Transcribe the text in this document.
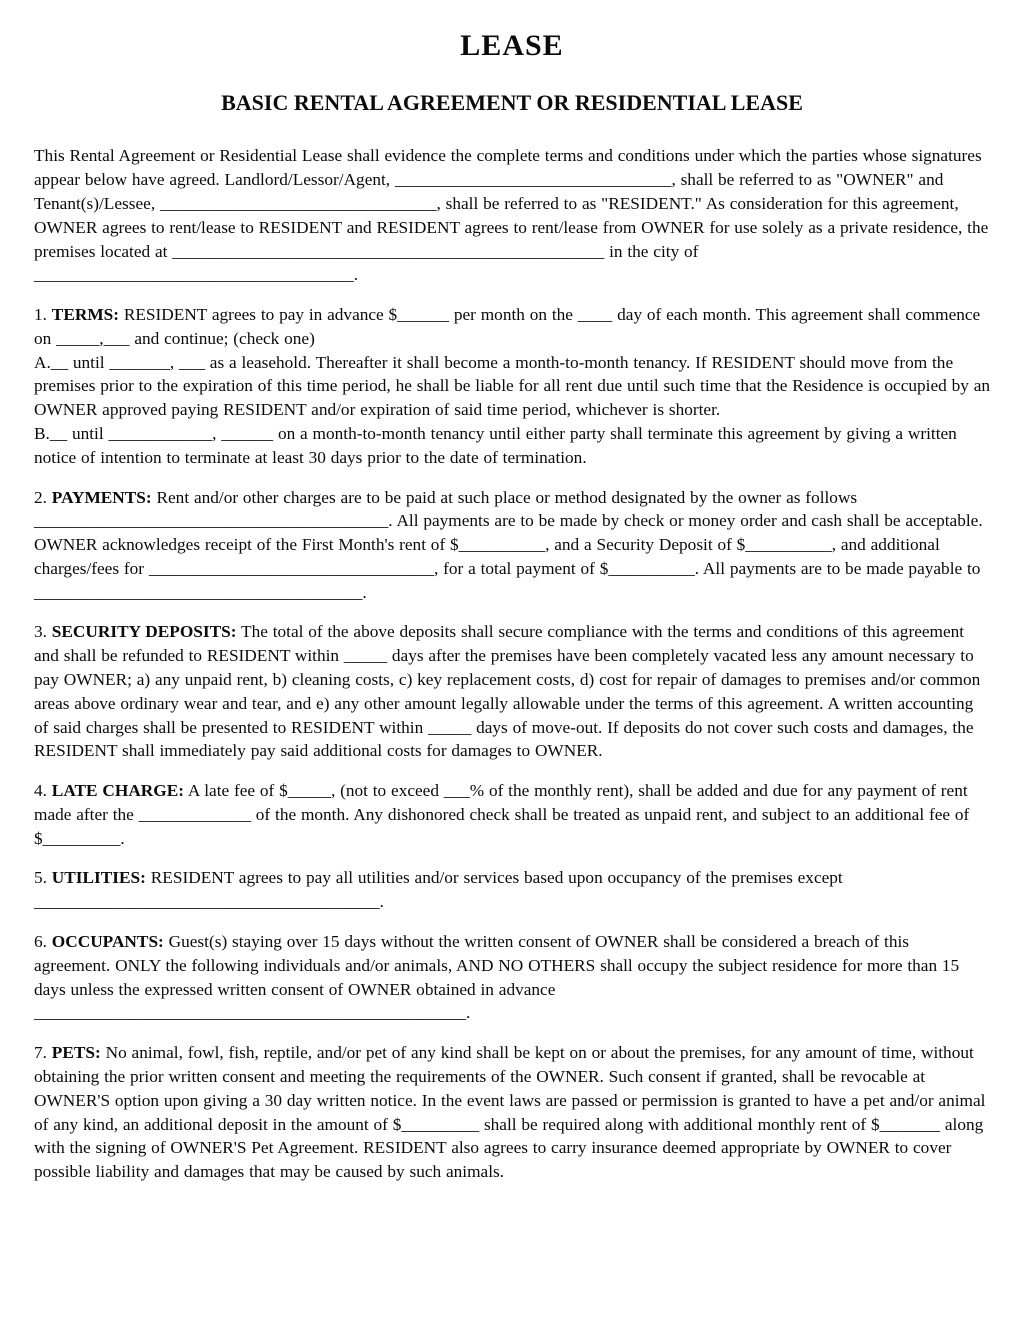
LEASE
BASIC RENTAL AGREEMENT OR RESIDENTIAL LEASE

This Rental Agreement or Residential Lease shall evidence the complete terms and conditions under which the parties whose signatures appear below have agreed. Landlord/Lessor/Agent, ________________________________, shall be referred to as "OWNER" and Tenant(s)/Lessee, ________________________________, shall be referred to as "RESIDENT." As consideration for this agreement, OWNER agrees to rent/lease to RESIDENT and RESIDENT agrees to rent/lease from OWNER for use solely as a private residence, the premises located at __________________________________________________ in the city of _____________________________________.

1. TERMS: RESIDENT agrees to pay in advance $______ per month on the ____ day of each month. This agreement shall commence on _____,___ and continue; (check one)
A.__ until _______, ___ as a leasehold. Thereafter it shall become a month-to-month tenancy. If RESIDENT should move from the premises prior to the expiration of this time period, he shall be liable for all rent due until such time that the Residence is occupied by an OWNER approved paying RESIDENT and/or expiration of said time period, whichever is shorter.
B.__ until ____________, ______ on a month-to-month tenancy until either party shall terminate this agreement by giving a written notice of intention to terminate at least 30 days prior to the date of termination.

2. PAYMENTS: Rent and/or other charges are to be paid at such place or method designated by the owner as follows _________________________________________. All payments are to be made by check or money order and cash shall be acceptable. OWNER acknowledges receipt of the First Month's rent of $__________, and a Security Deposit of $__________, and additional charges/fees for _________________________________, for a total payment of $__________. All payments are to be made payable to ______________________________________.

3. SECURITY DEPOSITS: The total of the above deposits shall secure compliance with the terms and conditions of this agreement and shall be refunded to RESIDENT within _____ days after the premises have been completely vacated less any amount necessary to pay OWNER; a) any unpaid rent, b) cleaning costs, c) key replacement costs, d) cost for repair of damages to premises and/or common areas above ordinary wear and tear, and e) any other amount legally allowable under the terms of this agreement. A written accounting of said charges shall be presented to RESIDENT within _____ days of move-out. If deposits do not cover such costs and damages, the RESIDENT shall immediately pay said additional costs for damages to OWNER.

4. LATE CHARGE: A late fee of $_____, (not to exceed ___% of the monthly rent), shall be added and due for any payment of rent made after the _____________ of the month. Any dishonored check shall be treated as unpaid rent, and subject to an additional fee of $_________.

5. UTILITIES: RESIDENT agrees to pay all utilities and/or services based upon occupancy of the premises except ________________________________________.

6. OCCUPANTS: Guest(s) staying over 15 days without the written consent of OWNER shall be considered a breach of this agreement. ONLY the following individuals and/or animals, AND NO OTHERS shall occupy the subject residence for more than 15 days unless the expressed written consent of OWNER obtained in advance __________________________________________________.

7. PETS: No animal, fowl, fish, reptile, and/or pet of any kind shall be kept on or about the premises, for any amount of time, without obtaining the prior written consent and meeting the requirements of the OWNER. Such consent if granted, shall be revocable at OWNER'S option upon giving a 30 day written notice. In the event laws are passed or permission is granted to have a pet and/or animal of any kind, an additional deposit in the amount of $_________ shall be required along with additional monthly rent of $_______ along with the signing of OWNER'S Pet Agreement. RESIDENT also agrees to carry insurance deemed appropriate by OWNER to cover possible liability and damages that may be caused by such animals.
